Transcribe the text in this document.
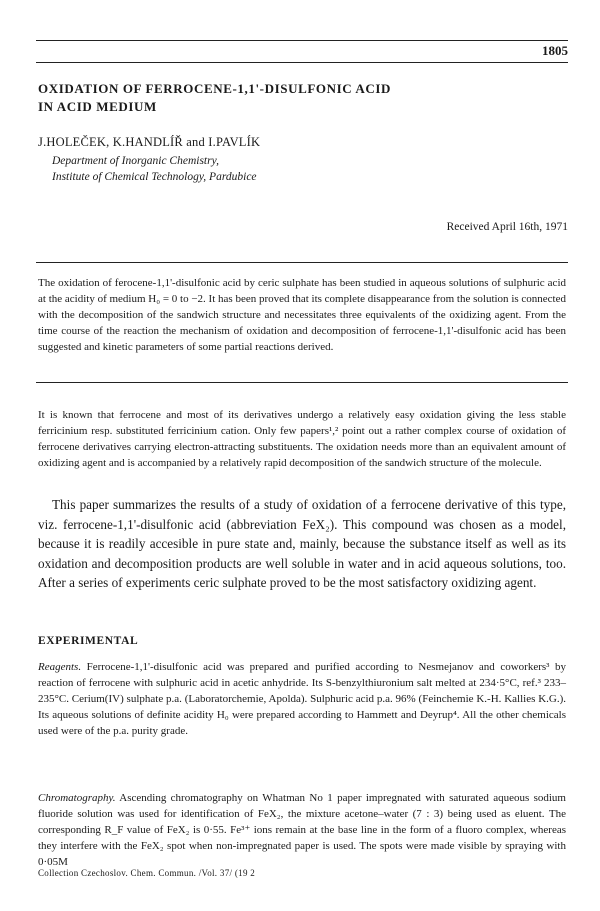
1805
OXIDATION OF FERROCENE-1,1'-DISULFONIC ACID
IN ACID MEDIUM
J.HOLEČEK, K.HANDLÍŘ and I.PAVLÍK
Department of Inorganic Chemistry,
Institute of Chemical Technology, Pardubice
Received April 16th, 1971

The oxidation of ferocene-1,1'-disulfonic acid by ceric sulphate has been studied in aqueous solutions of sulphuric acid at the acidity of medium H₀ = 0 to −2. It has been proved that its complete disappearance from the solution is connected with the decomposition of the sandwich structure and necessitates three equivalents of the oxidizing agent. From the time course of the reaction the mechanism of oxidation and decomposition of ferrocene-1,1'-disulfonic acid has been suggested and kinetic parameters of some partial reactions derived.

It is known that ferrocene and most of its derivatives undergo a relatively easy oxidation giving the less stable ferricinium resp. substituted ferricinium cation. Only few papers¹,² point out a rather complex course of oxidation of ferrocene derivatives carrying electron-attracting substituents. The oxidation needs more than an equivalent amount of oxidizing agent and is accompanied by a relatively rapid decomposition of the sandwich structure of the molecule.

This paper summarizes the results of a study of oxidation of a ferrocene derivative of this type, viz. ferrocene-1,1'-disulfonic acid (abbreviation FeX₂). This compound was chosen as a model, because it is readily accesible in pure state and, mainly, because the substance itself as well as its oxidation and decomposition products are well soluble in water and in acid aqueous solutions, too. After a series of experiments ceric sulphate proved to be the most satisfactory oxidizing agent.

EXPERIMENTAL

Reagents. Ferrocene-1,1'-disulfonic acid was prepared and purified according to Nesmejanov and coworkers³ by reaction of ferrocene with sulphuric acid in acetic anhydride. Its S-benzylthiuronium salt melted at 234·5°C, ref.³ 233–235°C. Cerium(IV) sulphate p.a. (Laboratorchemie, Apolda). Sulphuric acid p.a. 96% (Feinchemie K.-H. Kallies K.G.). Its aqueous solutions of definite acidity H₀ were prepared according to Hammett and Deyrup⁴. All the other chemicals used were of the p.a. purity grade.

Chromatography. Ascending chromatography on Whatman No 1 paper impregnated with saturated aqueous sodium fluoride solution was used for identification of FeX₂, the mixture acetone–water (7 : 3) being used as eluent. The corresponding R_F value of FeX₂ is 0·55. Fe³⁺ ions remain at the base line in the form of a fluoro complex, whereas they interfere with the FeX₂ spot when non-impregnated paper is used. The spots were made visible by spraying with 0·05M

Collection Czechoslov. Chem. Commun. /Vol. 37/ (19 2
